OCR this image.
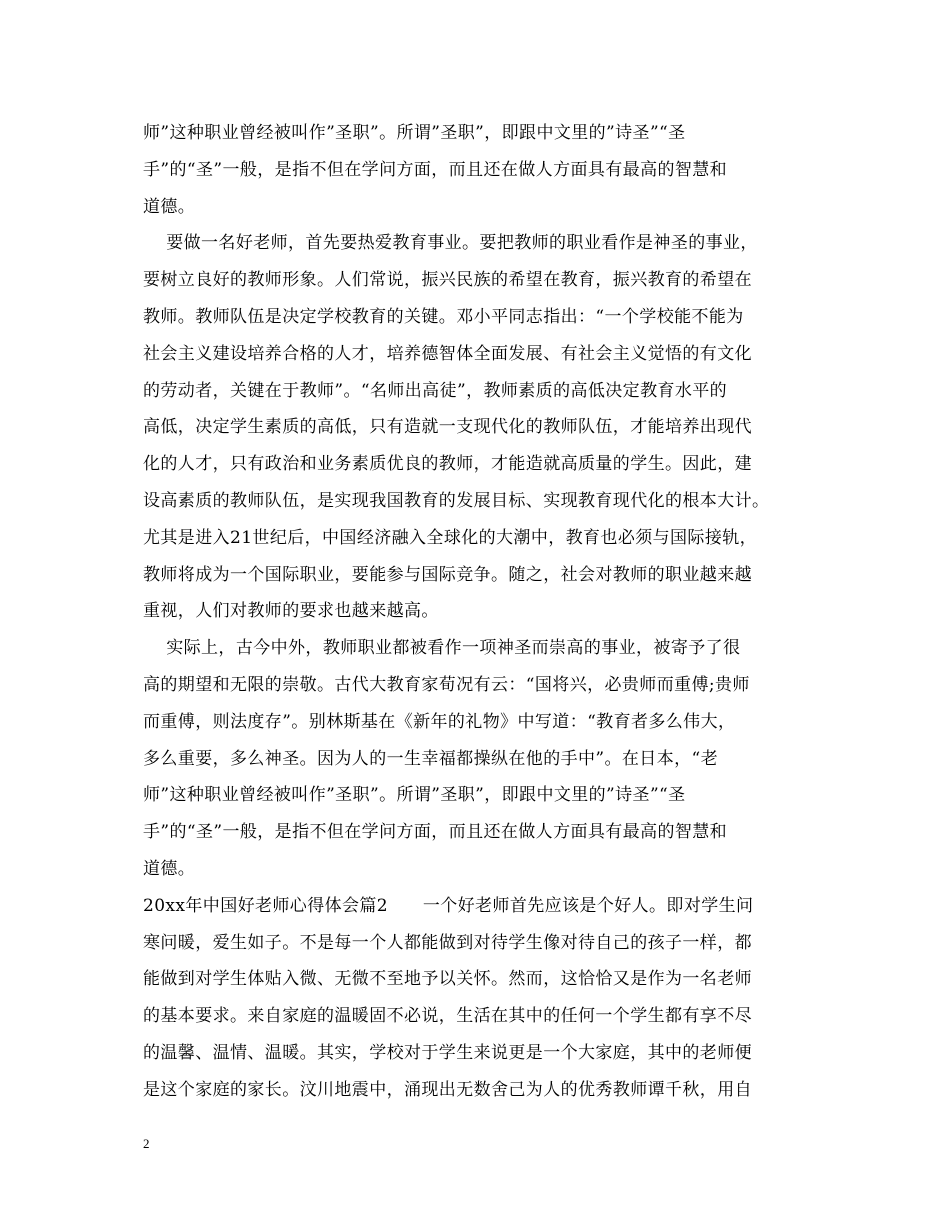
师”这种职业曾经被叫作”圣职”。所谓”圣职”，即跟中文里的”诗圣”“圣
手”的“圣”一般，是指不但在学问方面，而且还在做人方面具有最高的智慧和
道德。
要做一名好老师，首先要热爱教育事业。要把教师的职业看作是神圣的事业，
要树立良好的教师形象。人们常说，振兴民族的希望在教育，振兴教育的希望在
教师。教师队伍是决定学校教育的关键。邓小平同志指出：“一个学校能不能为
社会主义建设培养合格的人才，培养德智体全面发展、有社会主义觉悟的有文化
的劳动者，关键在于教师”。“名师出高徒”，教师素质的高低决定教育水平的
高低，决定学生素质的高低，只有造就一支现代化的教师队伍，才能培养出现代
化的人才，只有政治和业务素质优良的教师，才能造就高质量的学生。因此，建
设高素质的教师队伍，是实现我国教育的发展目标、实现教育现代化的根本大计。
尤其是进入21世纪后，中国经济融入全球化的大潮中，教育也必须与国际接轨，
教师将成为一个国际职业，要能参与国际竞争。随之，社会对教师的职业越来越
重视，人们对教师的要求也越来越高。
实际上，古今中外，教师职业都被看作一项神圣而崇高的事业，被寄予了很
高的期望和无限的崇敬。古代大教育家荀况有云：“国将兴，必贵师而重傅;贵师
而重傅，则法度存”。别林斯基在《新年的礼物》中写道：“教育者多么伟大，
多么重要，多么神圣。因为人的一生幸福都操纵在他的手中”。在日本，“老
师”这种职业曾经被叫作”圣职”。所谓”圣职”，即跟中文里的”诗圣”“圣
手”的“圣”一般，是指不但在学问方面，而且还在做人方面具有最高的智慧和
道德。
20xx年中国好老师心得体会篇2　　一个好老师首先应该是个好人。即对学生问
寒问暖，爱生如子。不是每一个人都能做到对待学生像对待自己的孩子一样，都
能做到对学生体贴入微、无微不至地予以关怀。然而，这恰恰又是作为一名老师
的基本要求。来自家庭的温暖固不必说，生活在其中的任何一个学生都有享不尽
的温馨、温情、温暖。其实，学校对于学生来说更是一个大家庭，其中的老师便
是这个家庭的家长。汶川地震中，涌现出无数舍己为人的优秀教师谭千秋，用自
2
